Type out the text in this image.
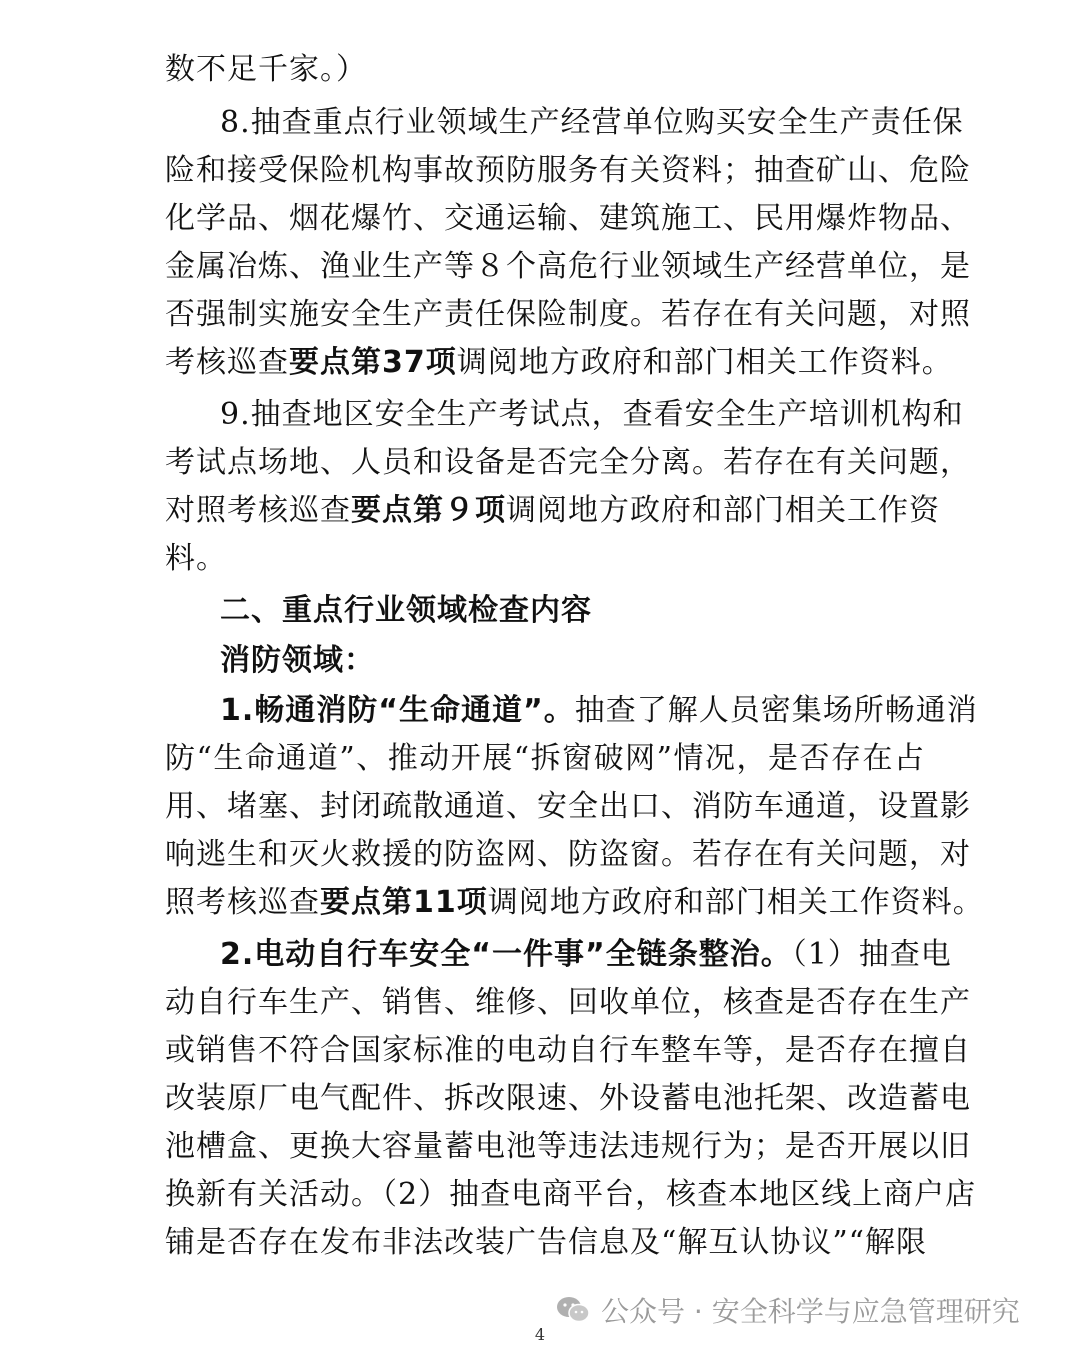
数不足千家。）
8.抽查重点行业领域生产经营单位购买安全生产责任保
险和接受保险机构事故预防服务有关资料；抽查矿山、危险
化学品、烟花爆竹、交通运输、建筑施工、民用爆炸物品、
金属冶炼、渔业生产等８个高危行业领域生产经营单位，是
否强制实施安全生产责任保险制度。若存在有关问题，对照
考核巡查要点第37项调阅地方政府和部门相关工作资料。
9.抽查地区安全生产考试点，查看安全生产培训机构和
考试点场地、人员和设备是否完全分离。若存在有关问题，
对照考核巡查要点第９项调阅地方政府和部门相关工作资
料。
二、重点行业领域检查内容
消防领域：
1.畅通消防“生命通道”。抽查了解人员密集场所畅通消
防“生命通道”、推动开展“拆窗破网”情况，是否存在占
用、堵塞、封闭疏散通道、安全出口、消防车通道，设置影
响逃生和灭火救援的防盗网、防盗窗。若存在有关问题，对
照考核巡查要点第11项调阅地方政府和部门相关工作资料。
2.电动自行车安全“一件事”全链条整治。（1）抽查电
动自行车生产、销售、维修、回收单位，核查是否存在生产
或销售不符合国家标准的电动自行车整车等，是否存在擅自
改装原厂电气配件、拆改限速、外设蓄电池托架、改造蓄电
池槽盒、更换大容量蓄电池等违法违规行为；是否开展以旧
换新有关活动。（2）抽查电商平台，核查本地区线上商户店
铺是否存在发布非法改装广告信息及“解互认协议”“解限
公众号 · 安全科学与应急管理研究
4
